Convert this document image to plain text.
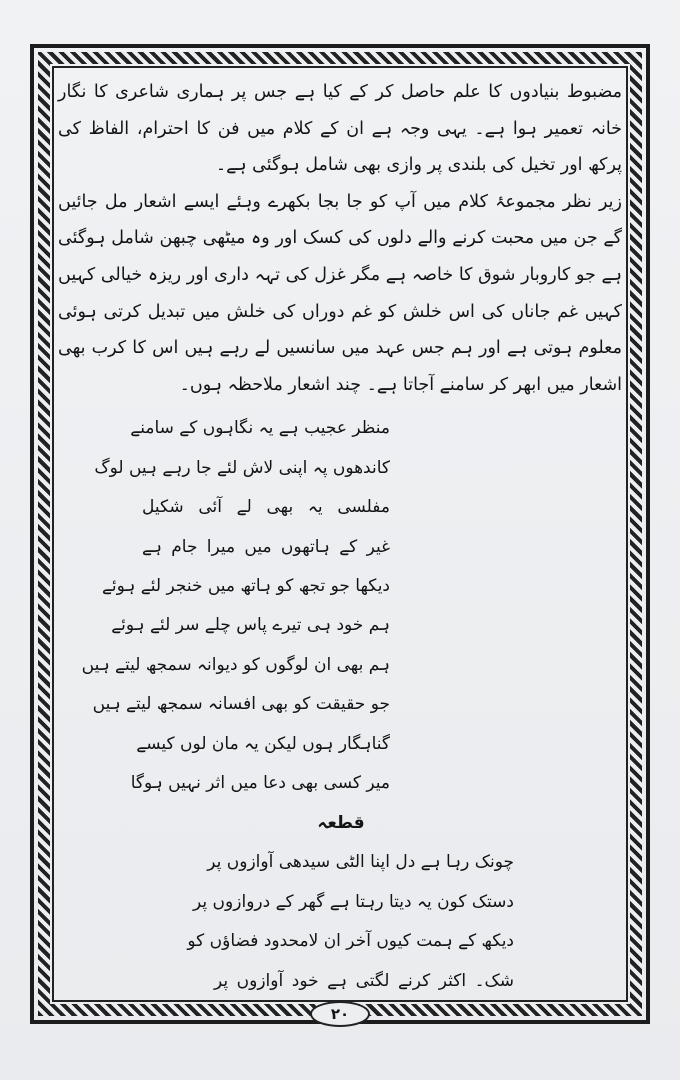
مضبوط بنیادوں کا علم حاصل کر کے کیا ہے جس پر ہماری شاعری کا نگار خانہ تعمیر ہوا ہے۔ یہی وجہ ہے ان کے کلام میں فن کا احترام، الفاظ کی پرکھ اور تخیل کی بلندی پر وازی بھی شامل ہوگئی ہے۔

زیر نظر مجموعۂ کلام میں آپ کو جا بجا بکھرے وہئے ایسے اشعار مل جائیں گے جن میں محبت کرنے والے دلوں کی کسک اور وہ میٹھی چبھن شامل ہوگئی ہے جو کاروبار شوق کا خاصہ ہے مگر غزل کی تہہ داری اور ریزہ خیالی کہیں کہیں غم جاناں کی اس خلش کو غم دوراں کی خلش میں تبدیل کرتی ہوئی معلوم ہوتی ہے اور ہم جس عہد میں سانسیں لے رہے ہیں اس کا کرب بھی اشعار میں ابھر کر سامنے آجاتا ہے۔ چند اشعار ملاحظہ ہوں۔

منظر عجیب ہے یہ نگاہوں کے سامنے
کاندھوں پہ اپنی لاش لئے جا رہے ہیں لوگ
مفلسی یہ بھی لے آئی شکیل
غیر کے ہاتھوں میں میرا جام ہے
دیکھا جو تجھ کو ہاتھ میں خنجر لئے ہوئے
ہم خود ہی تیرے پاس چلے سر لئے ہوئے
ہم بھی ان لوگوں کو دیوانہ سمجھ لیتے ہیں
جو حقیقت کو بھی افسانہ سمجھ لیتے ہیں
گناہگار ہوں لیکن یہ مان لوں کیسے
میر کسی بھی دعا میں اثر نہیں ہوگا
قطعہ
چونک رہا ہے دل اپنا الٹی سیدھی آوازوں پر
دستک کون یہ دیتا رہتا ہے گھر کے دروازوں پر
دیکھ کے ہمت کیوں آخر ان لامحدود فضاؤں کو
شک۔ اکثر کرنے لگتی ہے خود آوازوں پر
۲۰
